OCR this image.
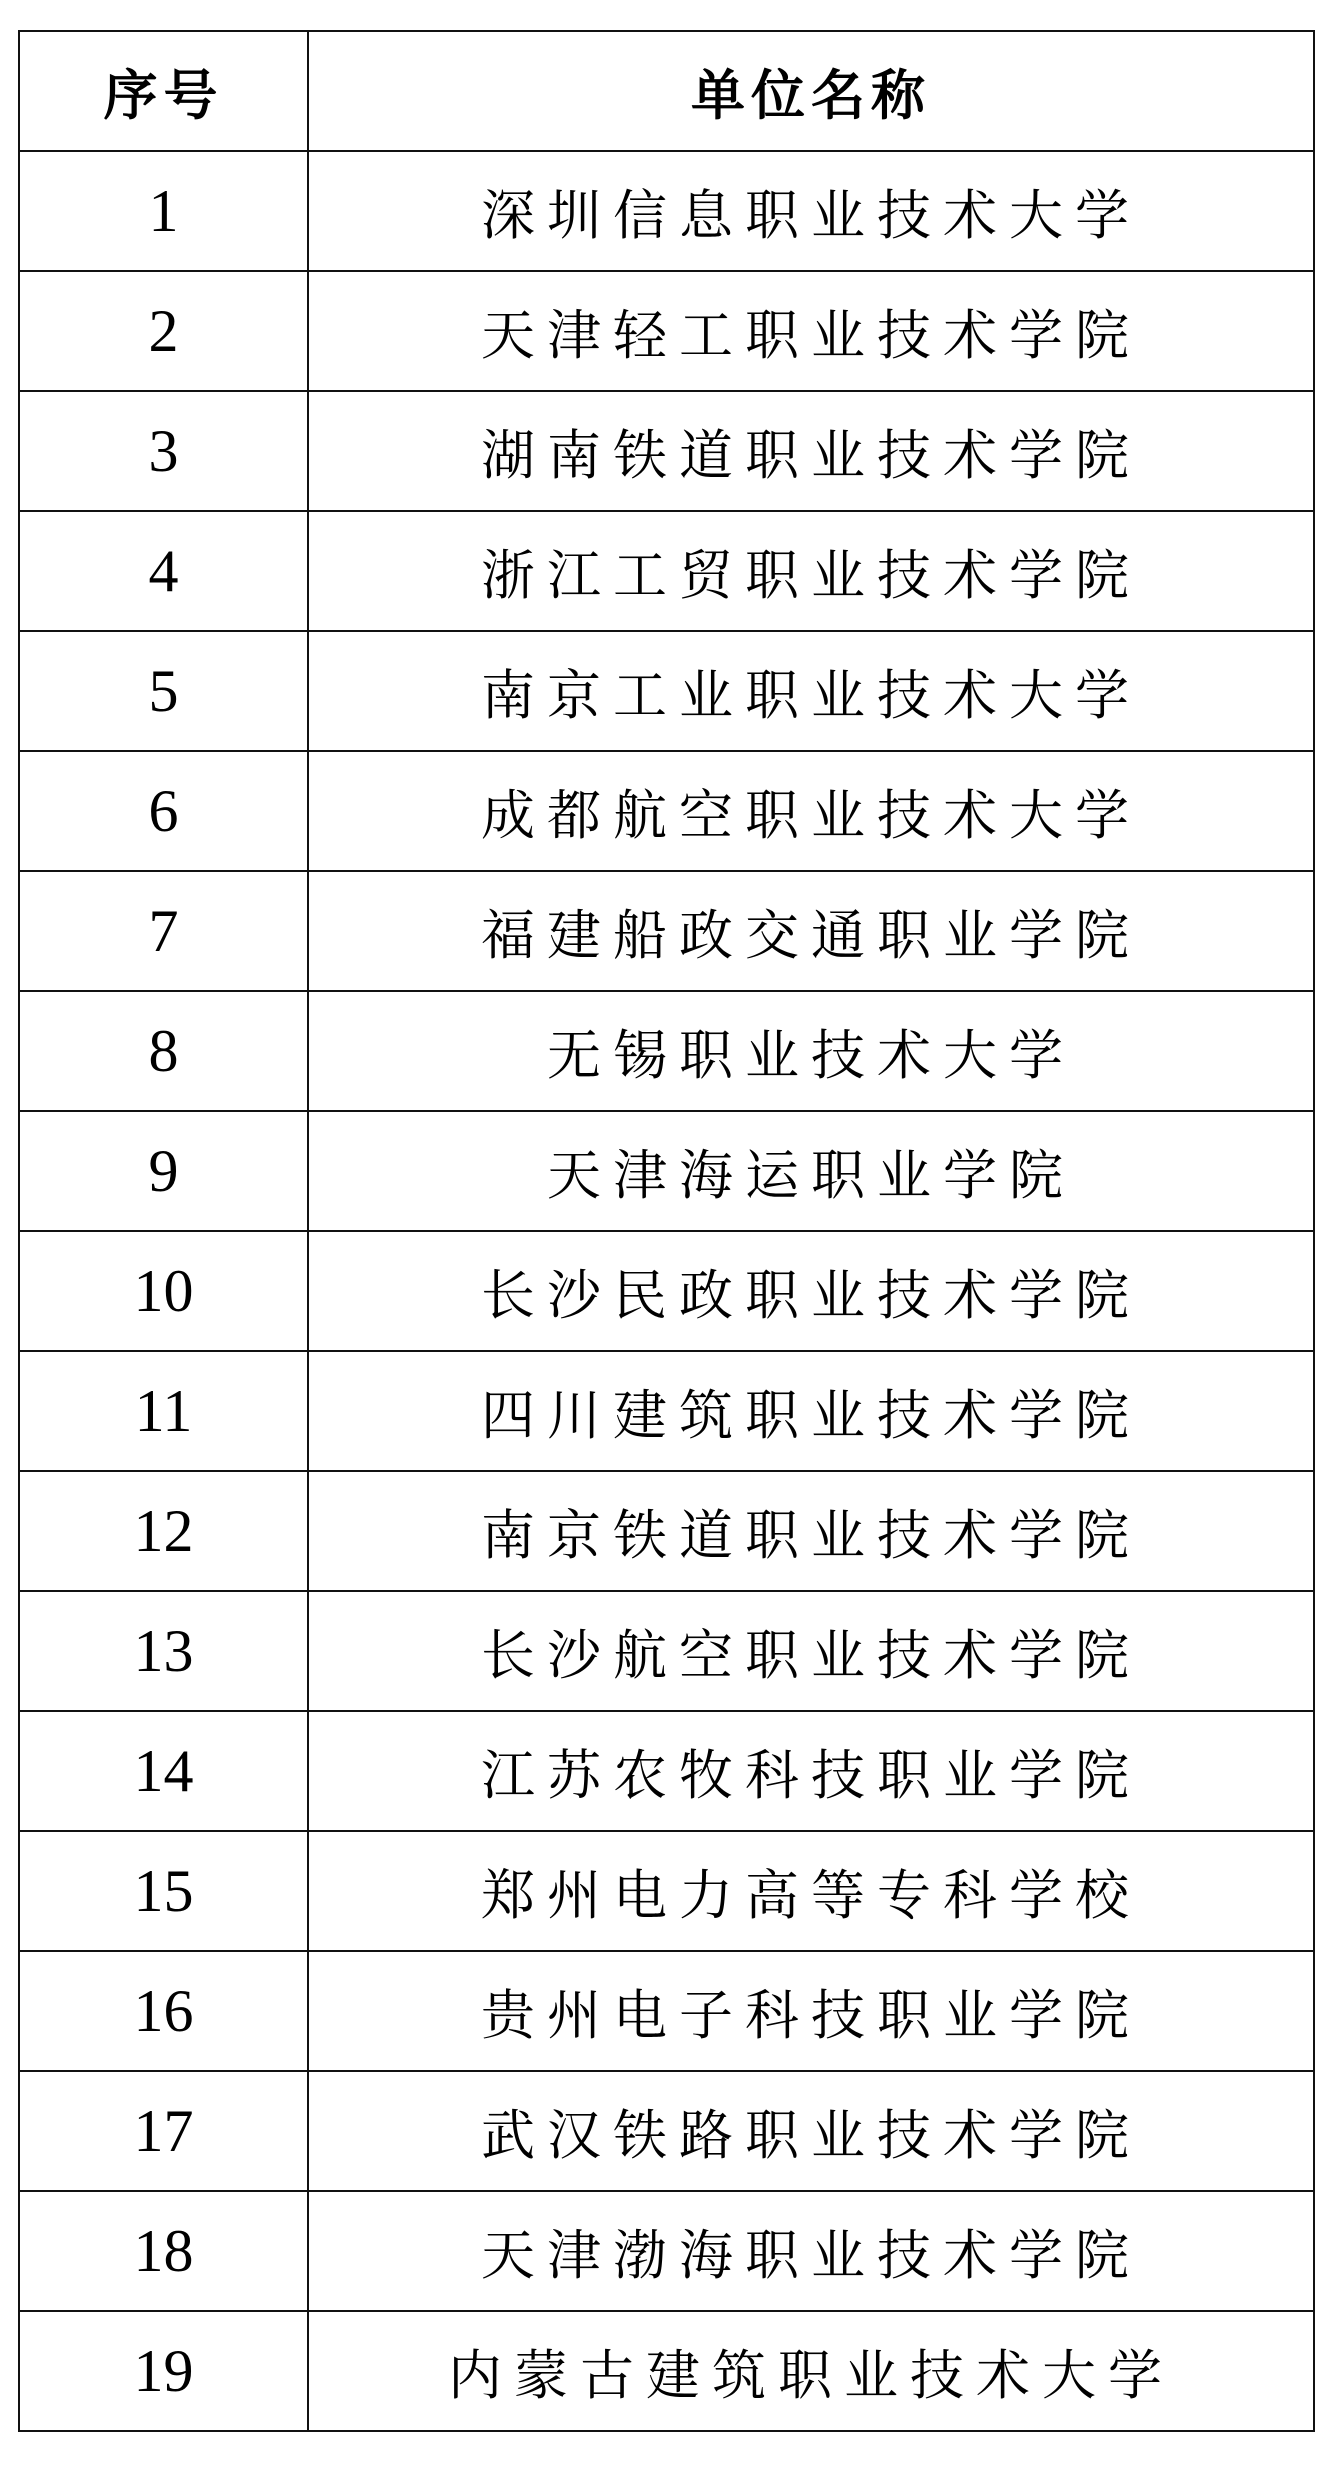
序号	单位名称
1	深圳信息职业技术大学
2	天津轻工职业技术学院
3	湖南铁道职业技术学院
4	浙江工贸职业技术学院
5	南京工业职业技术大学
6	成都航空职业技术大学
7	福建船政交通职业学院
8	无锡职业技术大学
9	天津海运职业学院
10	长沙民政职业技术学院
11	四川建筑职业技术学院
12	南京铁道职业技术学院
13	长沙航空职业技术学院
14	江苏农牧科技职业学院
15	郑州电力高等专科学校
16	贵州电子科技职业学院
17	武汉铁路职业技术学院
18	天津渤海职业技术学院
19	内蒙古建筑职业技术大学
